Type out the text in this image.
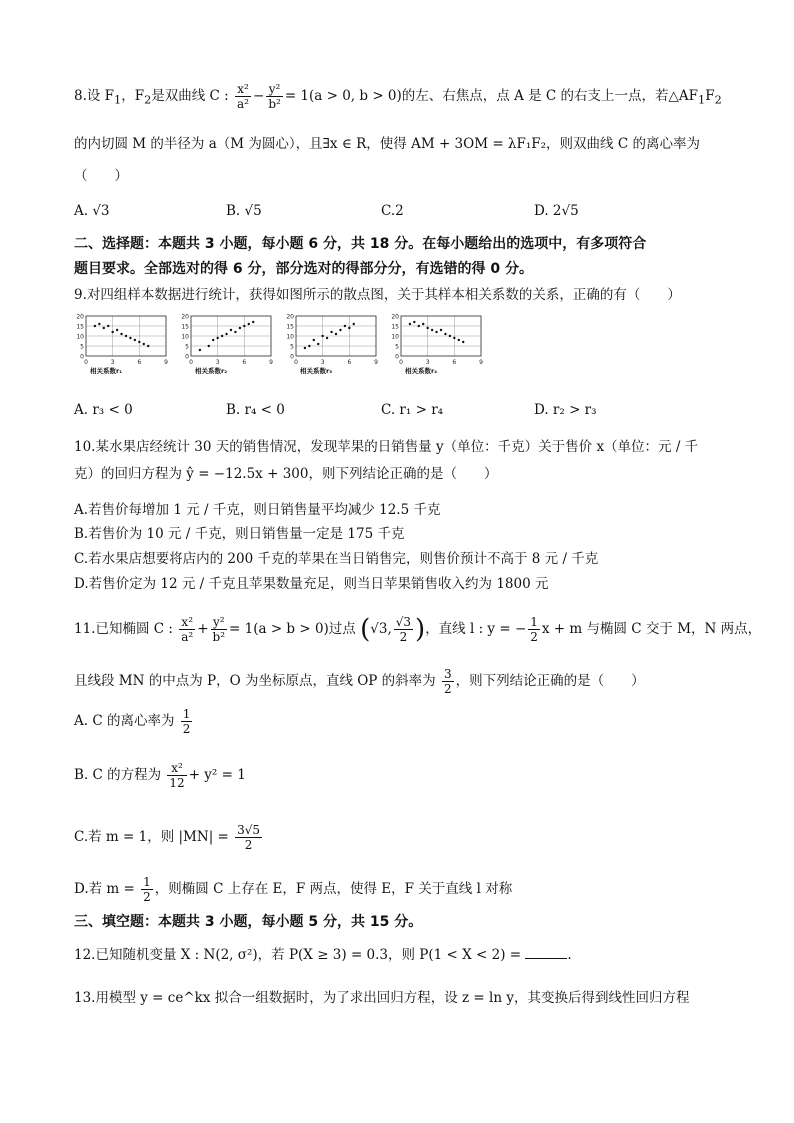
8.设 $F_1$，$F_2$是双曲线 C : $\frac{\text{x²}}{\text{a²}} - \frac{\text{y²}}{\text{b²}} = 1(a > 0$, b > 0)的左、右焦点，点 A 是 C 的右支上一点，若$\triangle AF_1F_2$
的内切圆 M 的半径为 a（M 为圆心），且∃x ∈ R，使得 AM + 3OM = λF₁F₂，则双曲线 C 的离心率为
（　　）
A. √3	B. √5	C.2	D. 2√5
二、选择题：本题共 3 小题，每小题 6 分，共 18 分。在每小题给出的选项中，有多项符合
题目要求。全部选对的得 6 分，部分选对的得部分分，有选错的得 0 分。
9.对四组样本数据进行统计，获得如图所示的散点图，关于其样本相关系数的关系，正确的有（　　）
0
5
10
15
20
0	3	6	9
相关系数r₁
0
5
10
15
20
0	3	6	9
相关系数r₂
0
5
10
15
20
0	3	6	9
相关系数r₃
0
5
10
15
20
0	3	6	9
相关系数r₄
A. r₃ < 0	B. r₄ < 0	C. r₁ > r₄	D. r₂ > r₃
10.某水果店经统计 30 天的销售情况，发现苹果的日销售量 y（单位：千克）关于售价 x（单位：元 / 千
克）的回归方程为 ŷ = −12.5x + 300，则下列结论正确的是（　　）
A.若售价每增加 1 元 / 千克，则日销售量平均减少 12.5 千克
B.若售价为 10 元 / 千克，则日销售量一定是 175 千克
C.若水果店想要将店内的 200 千克的苹果在当日销售完，则售价预计不高于 8 元 / 千克
D.若售价定为 12 元 / 千克且苹果数量充足，则当日苹果销售收入约为 1800 元
11.已知椭圆 C : $\frac{\text{x²}}{\text{a²}} + \frac{\text{y²}}{\text{b²}} = 1(a > b > 0)$过点 (√3, $\frac{√3}{2}$ )，直线 l : y = − $\frac{1}{2}$ x + m 与椭圆 C 交于 M，N 两点，
且线段 MN 的中点为 P，O 为坐标原点，直线 OP 的斜率为 $\frac{3}{2}$ ，则下列结论正确的是（　　）
A. C 的离心率为 $\frac{1}{2}$
B. C 的方程为 $\frac{\text{x²}}{12} + y^2 = 1$
C.若 m = 1，则 $|MN| = \frac{3√5}{2}$
D.若 $m = \frac{1}{2}$ ，则椭圆 C 上存在 E，F 两点，使得 E，F 关于直线 l 对称
三、填空题：本题共 3 小题，每小题 5 分，共 15 分。
12.已知随机变量 X : N(2, σ²)，若 P(X ≥ 3) = 0.3，则 P(1 < X < 2) =	.
13.用模型 y = ce^kx 拟合一组数据时，为了求出回归方程，设 z = ln y，其变换后得到线性回归方程
